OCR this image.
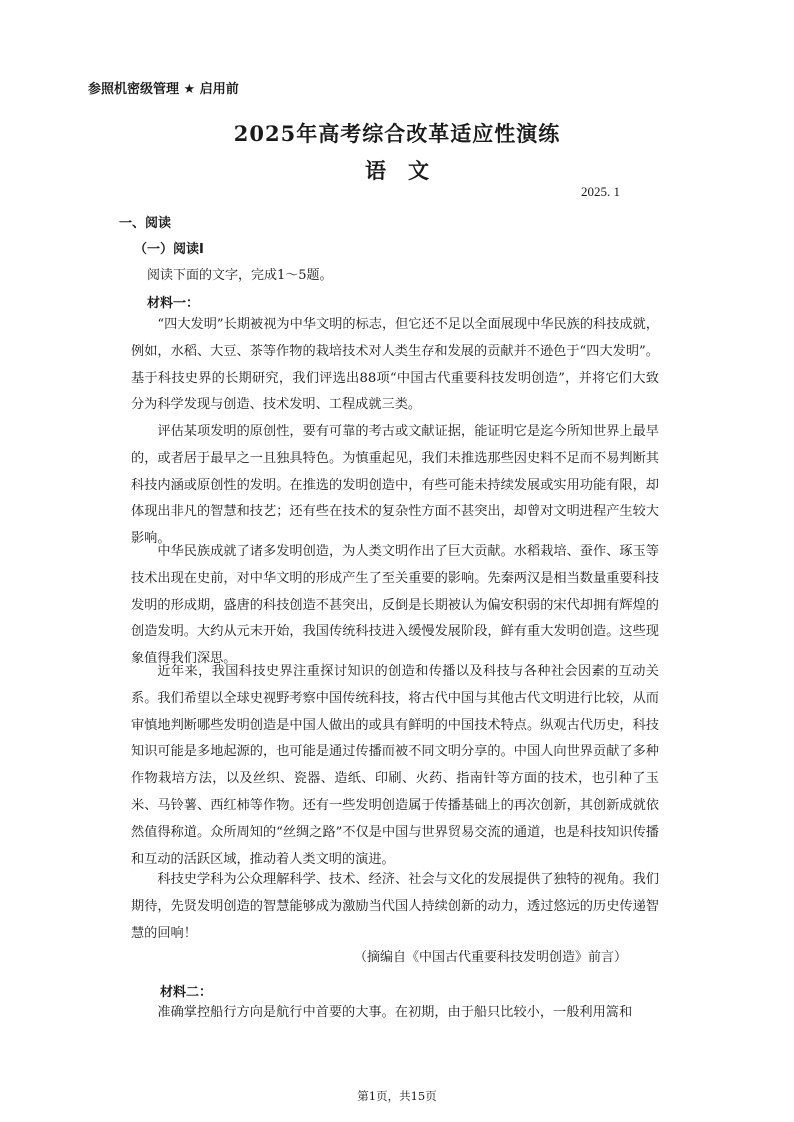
参照机密级管理 ★ 启用前
2025年高考综合改革适应性演练
语文
2025. 1
一、阅读
（一）阅读Ⅰ
阅读下面的文字，完成1～5题。
材料一：

“四大发明”长期被视为中华文明的标志，但它还不足以全面展现中华民族的科技成就，例如，水稻、大豆、茶等作物的栽培技术对人类生存和发展的贡献并不逊色于“四大发明”。基于科技史界的长期研究，我们评选出88项“中国古代重要科技发明创造”，并将它们大致分为科学发现与创造、技术发明、工程成就三类。

评估某项发明的原创性，要有可靠的考古或文献证据，能证明它是迄今所知世界上最早的，或者居于最早之一且独具特色。为慎重起见，我们未推选那些因史料不足而不易判断其科技内涵或原创性的发明。在推选的发明创造中，有些可能未持续发展或实用功能有限，却体现出非凡的智慧和技艺；还有些在技术的复杂性方面不甚突出，却曾对文明进程产生较大影响。

中华民族成就了诸多发明创造，为人类文明作出了巨大贡献。水稻栽培、蚕作、琢玉等技术出现在史前，对中华文明的形成产生了至关重要的影响。先秦两汉是相当数量重要科技发明的形成期，盛唐的科技创造不甚突出，反倒是长期被认为偏安积弱的宋代却拥有辉煌的创造发明。大约从元末开始，我国传统科技进入缓慢发展阶段，鲜有重大发明创造。这些现象值得我们深思。

近年来，我国科技史界注重探讨知识的创造和传播以及科技与各种社会因素的互动关系。我们希望以全球史视野考察中国传统科技，将古代中国与其他古代文明进行比较，从而审慎地判断哪些发明创造是中国人做出的或具有鲜明的中国技术特点。纵观古代历史，科技知识可能是多地起源的，也可能是通过传播而被不同文明分享的。中国人向世界贡献了多种作物栽培方法，以及丝织、瓷器、造纸、印刷、火药、指南针等方面的技术，也引种了玉米、马铃薯、西红柿等作物。还有一些发明创造属于传播基础上的再次创新，其创新成就依然值得称道。众所周知的“丝绸之路”不仅是中国与世界贸易交流的通道，也是科技知识传播和互动的活跃区域，推动着人类文明的演进。

科技史学科为公众理解科学、技术、经济、社会与文化的发展提供了独特的视角。我们期待，先贤发明创造的智慧能够成为激励当代国人持续创新的动力，透过悠远的历史传递智慧的回响！

（摘编自《中国古代重要科技发明创造》前言）
材料二：

准确掌控船行方向是航行中首要的大事。在初期，由于船只比较小，一般利用篙和

第1页，共15页
